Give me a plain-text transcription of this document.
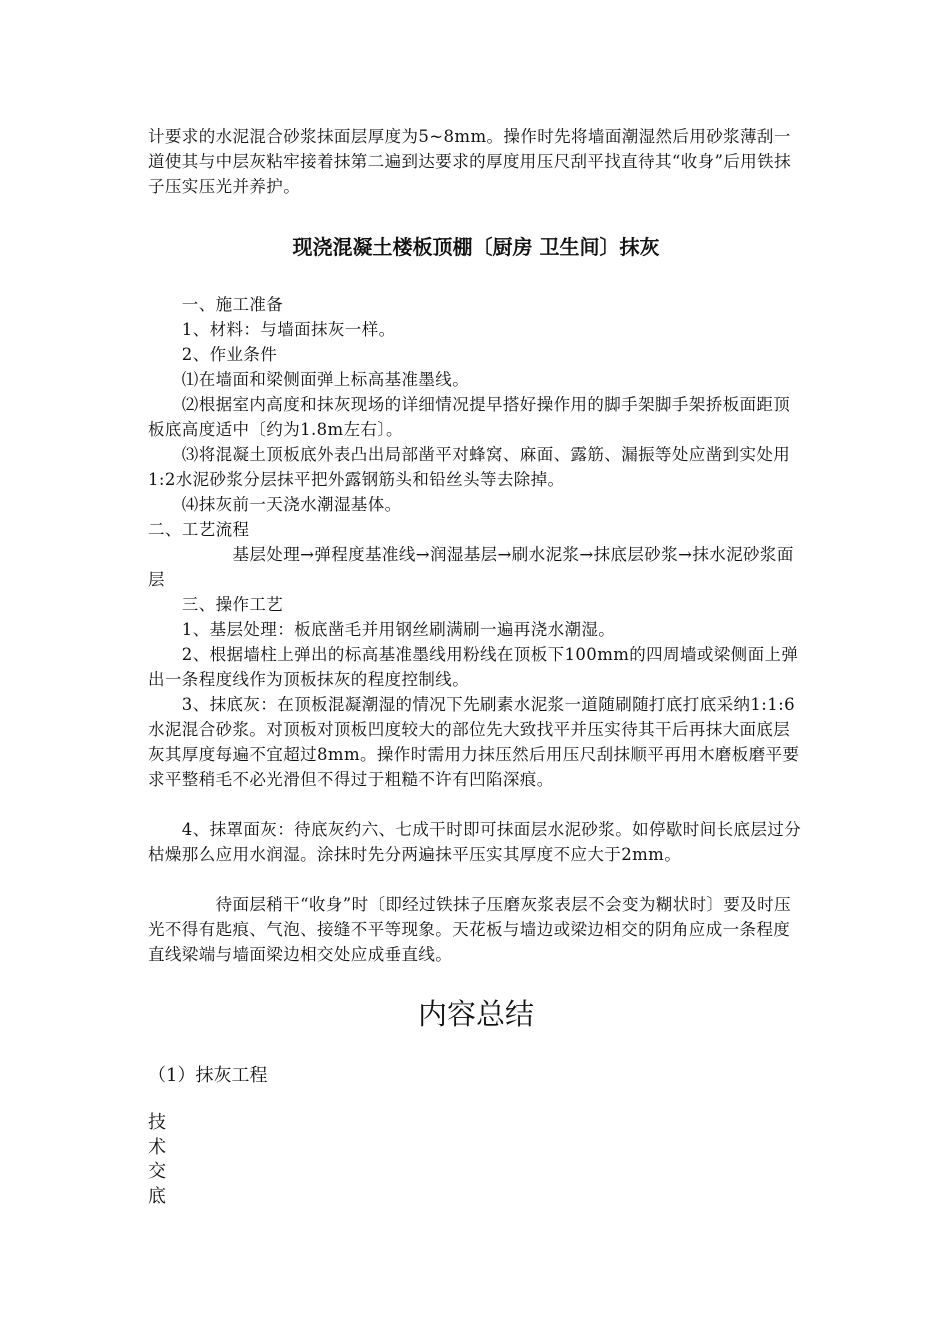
计要求的水泥混合砂浆抹面层厚度为5~8mm。操作时先将墙面潮湿然后用砂浆薄刮一道使其与中层灰粘牢接着抹第二遍到达要求的厚度用压尺刮平找直待其“收身”后用铁抹子压实压光并养护。

现浇混凝土楼板顶棚〔厨房 卫生间〕抹灰

　　一、施工准备

　　1、材料：与墙面抹灰一样。

　　2、作业条件

　　⑴在墙面和梁侧面弹上标高基准墨线。

　　⑵根据室内高度和抹灰现场的详细情况提早搭好操作用的脚手架脚手架挢板面距顶板底高度适中〔约为1.8m左右〕。

　　⑶将混凝土顶板底外表凸出局部凿平对蜂窝、麻面、露筋、漏振等处应凿到实处用1:2水泥砂浆分层抹平把外露钢筋头和铅丝头等去除掉。

　　⑷抹灰前一天浇水潮湿基体。

二、工艺流程

　　　　　基层处理→弹程度基准线→润湿基层→刷水泥浆→抹底层砂浆→抹水泥砂浆面层

　　三、操作工艺

　　1、基层处理：板底凿毛并用钢丝刷满刷一遍再浇水潮湿。

　　2、根据墙柱上弹出的标高基准墨线用粉线在顶板下100mm的四周墙或梁侧面上弹出一条程度线作为顶板抹灰的程度控制线。

　　3、抹底灰：在顶板混凝潮湿的情况下先刷素水泥浆一道随刷随打底打底采纳1:1:6水泥混合砂浆。对顶板对顶板凹度较大的部位先大致找平并压实待其干后再抹大面底层灰其厚度每遍不宜超过8mm。操作时需用力抹压然后用压尺刮抹顺平再用木磨板磨平要求平整稍毛不必光滑但不得过于粗糙不许有凹陷深痕。

　　4、抹罩面灰：待底灰约六、七成干时即可抹面层水泥砂浆。如停歇时间长底层过分枯燥那么应用水润湿。涂抹时先分两遍抹平压实其厚度不应大于2mm。

　　　　待面层稍干“收身”时〔即经过铁抹子压磨灰浆表层不会变为糊状时〕要及时压光不得有匙痕、气泡、接缝不平等现象。天花板与墙边或梁边相交的阴角应成一条程度直线梁端与墙面梁边相交处应成垂直线。

内容总结

（1）抹灰工程

技
术
交
底
